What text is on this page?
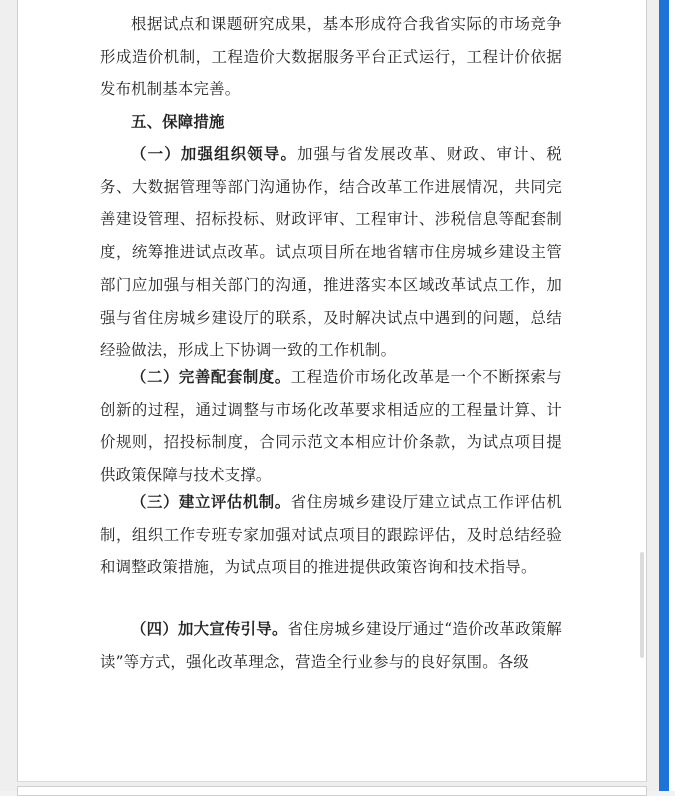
根据试点和课题研究成果，基本形成符合我省实际的市场竞争形成造价机制，工程造价大数据服务平台正式运行，工程计价依据发布机制基本完善。

五、保障措施

（一）加强组织领导。加强与省发展改革、财政、审计、税务、大数据管理等部门沟通协作，结合改革工作进展情况，共同完善建设管理、招标投标、财政评审、工程审计、涉税信息等配套制度，统筹推进试点改革。试点项目所在地省辖市住房城乡建设主管部门应加强与相关部门的沟通，推进落实本区域改革试点工作，加强与省住房城乡建设厅的联系，及时解决试点中遇到的问题，总结经验做法，形成上下协调一致的工作机制。

（二）完善配套制度。工程造价市场化改革是一个不断探索与创新的过程，通过调整与市场化改革要求相适应的工程量计算、计价规则，招投标制度，合同示范文本相应计价条款，为试点项目提供政策保障与技术支撑。

（三）建立评估机制。省住房城乡建设厅建立试点工作评估机制，组织工作专班专家加强对试点项目的跟踪评估，及时总结经验和调整政策措施，为试点项目的推进提供政策咨询和技术指导。

（四）加大宣传引导。省住房城乡建设厅通过“造价改革政策解读”等方式，强化改革理念，营造全行业参与的良好氛围。各级
